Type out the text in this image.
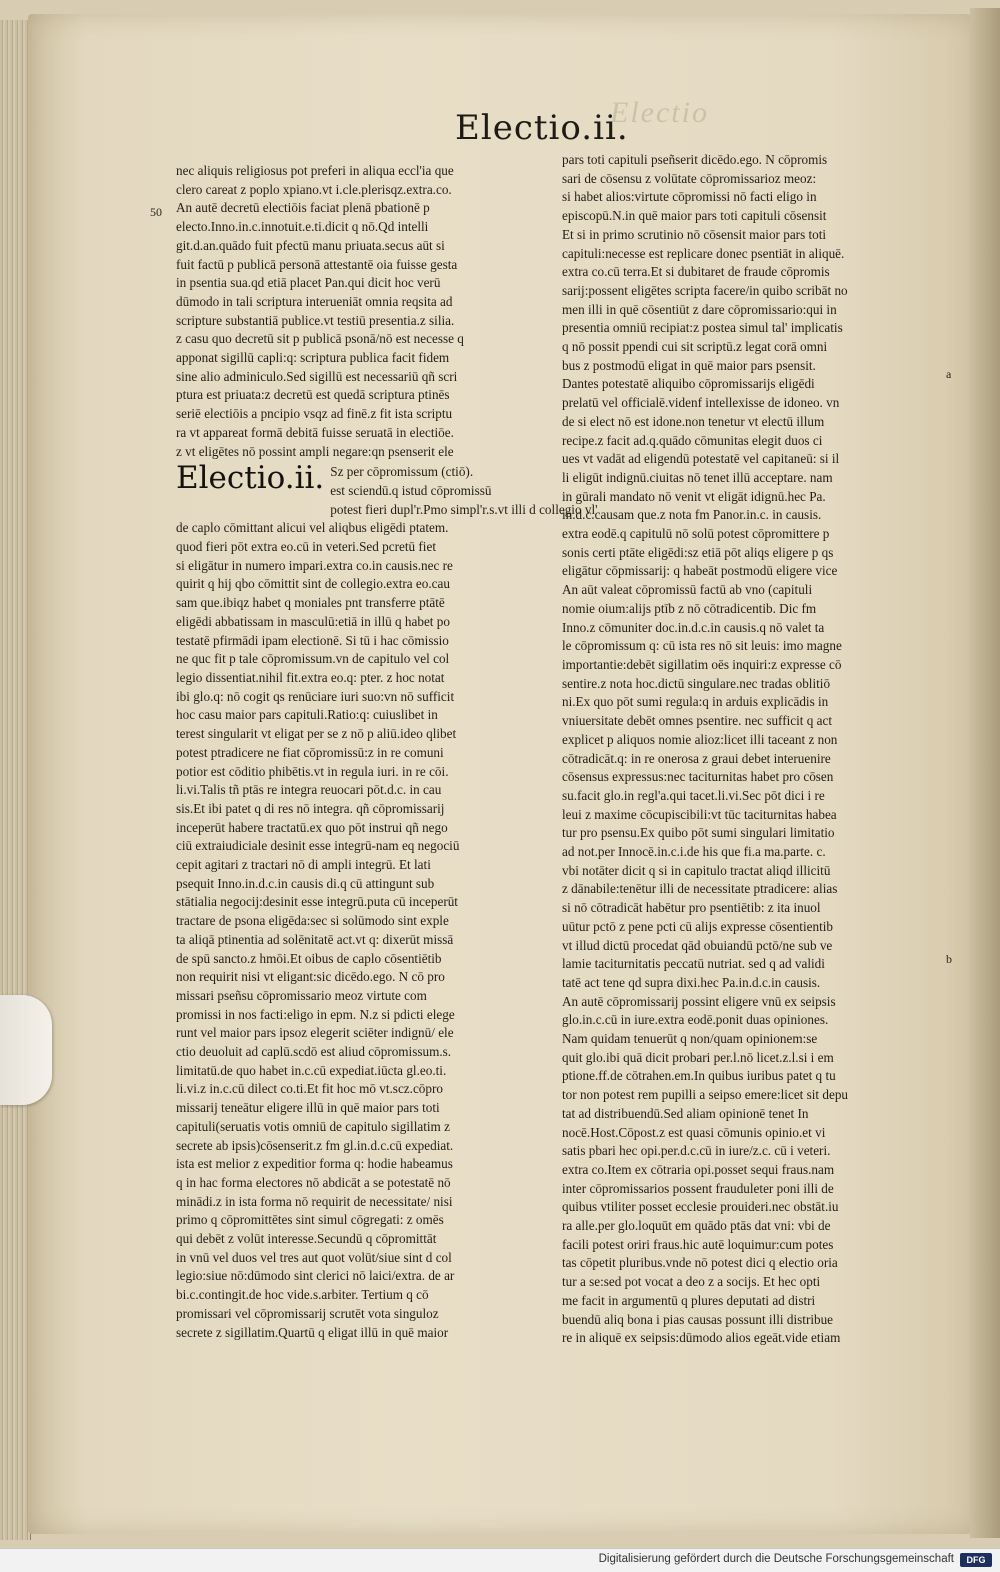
Electio
Electio.ii.
50
a
b

nec aliquis religiosus pot preferi in aliqua eccl'ia que

clero careat z poplo xpiano.vt i.cle.plerisqz.extra.co.

An autē decretū electiōis faciat plenā pbationē p

electo.Inno.in.c.innotuit.e.ti.dicit q nō.Qd intelli

git.d.an.quādo fuit pfectū manu priuata.secus aūt si

fuit factū p publicā personā attestantē oia fuisse gesta

in psentia sua.qd etiā placet Pan.qui dicit hoc verū

dūmodo in tali scriptura interueniāt omnia reqsita ad

scripture substantiā publice.vt testiū presentia.z silia.

z casu quo decretū sit p publicā psonā/nō est necesse q

apponat sigillū capli:q: scriptura publica facit fidem

sine alio adminiculo.Sed sigillū est necessariū qñ scri

ptura est priuata:z decretū est quedā scriptura ptinēs

seriē electiōis a pncipio vsqz ad finē.z fit ista scriptu

ra vt appareat formā debitā fuisse seruatā in electiōe.

z vt eligētes nō possint ampli negare:qn psenserit ele

Electio.ii. Sz per cōpromissum (ctiō).

est sciendū.q istud cōpromissū

potest fieri dupl'r.Pmo simpl'r.s.vt illi d collegio vl'

de caplo cōmittant alicui vel aliqbus eligēdi ptatem.

quod fieri pōt extra eo.cū in veteri.Sed pcretū fiet

si eligātur in numero impari.extra co.in causis.nec re

quirit q hij qbo cōmittit sint de collegio.extra eo.cau

sam que.ibiqz habet q moniales pnt transferre ptātē

eligēdi abbatissam in masculū:etiā in illū q habet po

testatē pfirmādi ipam electionē. Si tū i hac cōmissio

ne quc fit p tale cōpromissum.vn de capitulo vel col

legio dissentiat.nihil fit.extra eo.q: pter. z hoc notat

ibi glo.q: nō cogit qs renūciare iuri suo:vn nō sufficit

hoc casu maior pars capituli.Ratio:q: cuiuslibet in

terest singularit vt eligat per se z nō p aliū.ideo qlibet

potest ptradicere ne fiat cōpromissū:z in re comuni

potior est cōditio phibētis.vt in regula iuri. in re cōi.

li.vi.Talis tñ ptās re integra reuocari pōt.d.c. in cau

sis.Et ibi patet q di res nō integra. qñ cōpromissarij

inceperūt habere tractatū.ex quo pōt instrui qñ nego

ciū extraiudiciale desinit esse integrū-nam eq negociū

cepit agitari z tractari nō di ampli integrū. Et lati

psequit Inno.in.d.c.in causis di.q cū attingunt sub

stātialia negocij:desinit esse integrū.puta cū inceperūt

tractare de psona eligēda:sec si solūmodo sint exple

ta aliqā ptinentia ad solēnitatē act.vt q: dixerūt missā

de spū sancto.z hmōi.Et oibus de caplo cōsentiētib

non requirit nisi vt eligant:sic dicēdo.ego. N cō pro

missari pseñsu cōpromissario meoz virtute com

promissi in nos facti:eligo in epm. N.z si pdicti elege

runt vel maior pars ipsoz elegerit sciēter indignū/ ele

ctio deuoluit ad caplū.scdō est aliud cōpromissum.s.

limitatū.de quo habet in.c.cū expediat.iūcta gl.eo.ti.

li.vi.z in.c.cū dilect co.ti.Et fit hoc mō vt.scz.cōpro

missarij teneātur eligere illū in quē maior pars toti

capituli(seruatis votis omniū de capitulo sigillatim z

secrete ab ipsis)cōsenserit.z fm gl.in.d.c.cū expediat.

ista est melior z expeditior forma q: hodie habeamus

q in hac forma electores nō abdicāt a se potestatē nō

minādi.z in ista forma nō requirit de necessitate/ nisi

primo q cōpromittētes sint simul cōgregati: z omēs

qui debēt z volūt interesse.Secundū q cōpromittāt

in vnū vel duos vel tres aut quot volūt/siue sint d col

legio:siue nō:dūmodo sint clerici nō laici/extra. de ar

bi.c.contingit.de hoc vide.s.arbiter. Tertium q cō

promissari vel cōpromissarij scrutēt vota singuloz

secrete z sigillatim.Quartū q eligat illū in quē maior

pars toti capituli pseñserit dicēdo.ego. N cōpromis

sari de cōsensu z volūtate cōpromissarioz meoz:

si habet alios:virtute cōpromissi nō facti eligo in

episcopū.N.in quē maior pars toti capituli cōsensit

Et si in primo scrutinio nō cōsensit maior pars toti

capituli:necesse est replicare donec psentiāt in aliquē.

extra co.cū terra.Et si dubitaret de fraude cōpromis

sarij:possent eligētes scripta facere/in quibo scribāt no

men illi in quē cōsentiūt z dare cōpromissario:qui in

presentia omniū recipiat:z postea simul tal' implicatis

q nō possit ppendi cui sit scriptū.z legat corā omni

bus z postmodū eligat in quē maior pars psensit.

Dantes potestatē aliquibo cōpromissarijs eligēdi

prelatū vel officialē.videnf intellexisse de idoneo. vn

de si elect nō est idone.non tenetur vt electū illum

recipe.z facit ad.q.quādo cōmunitas elegit duos ci

ues vt vadāt ad eligendū potestatē vel capitaneū: si il

li eligūt indignū.ciuitas nō tenet illū acceptare. nam

in gūrali mandato nō venit vt eligāt idignū.hec Pa.

in.d.c.causam que.z nota fm Panor.in.c. in causis.

extra eodē.q capitulū nō solū potest cōpromittere p

sonis certi ptāte eligēdi:sz etiā pōt aliqs eligere p qs

eligātur cōpmissarij: q habeāt postmodū eligere vice

An aūt valeat cōpromissū factū ab vno (capituli

nomie oium:alijs ptīb z nō cōtradicentib. Dic fm

Inno.z cōmuniter doc.in.d.c.in causis.q nō valet ta

le cōpromissum q: cū ista res nō sit leuis: imo magne

importantie:debēt sigillatim oēs inquiri:z expresse cō

sentire.z nota hoc.dictū singulare.nec tradas oblitiō

ni.Ex quo pōt sumi regula:q in arduis explicādis in

vniuersitate debēt omnes psentire. nec sufficit q act

explicet p aliquos nomie alioz:licet illi taceant z non

cōtradicāt.q: in re onerosa z graui debet interuenire

cōsensus expressus:nec taciturnitas habet pro cōsen

su.facit glo.in regl'a.qui tacet.li.vi.Sec pōt dici i re

leui z maxime cōcupiscibili:vt tūc taciturnitas habea

tur pro psensu.Ex quibo pōt sumi singulari limitatio

ad not.per Innocē.in.c.i.de his que fi.a ma.parte. c.

vbi notāter dicit q si in capitulo tractat aliqd illicitū

z dānabile:tenētur illi de necessitate ptradicere: alias

si nō cōtradicāt habētur pro psentiētib: z ita inuol

uūtur pctō z pene pcti cū alijs expresse cōsentientib

vt illud dictū procedat qād obuiandū pctō/ne sub ve

lamie taciturnitatis peccatū nutriat. sed q ad validi

tatē act tene qd supra dixi.hec Pa.in.d.c.in causis.

An autē cōpromissarij possint eligere vnū ex seipsis

glo.in.c.cū in iure.extra eodē.ponit duas opiniones.

Nam quidam tenuerūt q non/quam opinionem:se

quit glo.ibi quā dicit probari per.l.nō licet.z.l.si i em

ptione.ff.de cōtrahen.em.In quibus iuribus patet q tu

tor non potest rem pupilli a seipso emere:licet sit depu

tat ad distribuendū.Sed aliam opinionē tenet In

nocē.Host.Cōpost.z est quasi cōmunis opinio.et vi

satis pbari hec opi.per.d.c.cū in iure/z.c. cū i veteri.

extra co.Item ex cōtraria opi.posset sequi fraus.nam

inter cōpromissarios possent frauduleter poni illi de

quibus vtiliter posset ecclesie prouideri.nec obstāt.iu

ra alle.per glo.loquūt em quādo ptās dat vni: vbi de

facili potest oriri fraus.hic autē loquimur:cum potes

tas cōpetit pluribus.vnde nō potest dici q electio oria

tur a se:sed pot vocat a deo z a socijs. Et hec opti

me facit in argumentū q plures deputati ad distri

buendū aliq bona i pias causas possunt illi distribue

re in aliquē ex seipsis:dūmodo alios egeāt.vide etiam

Digitalisierung gefördert durch die Deutsche Forschungsgemeinschaft	DFG
